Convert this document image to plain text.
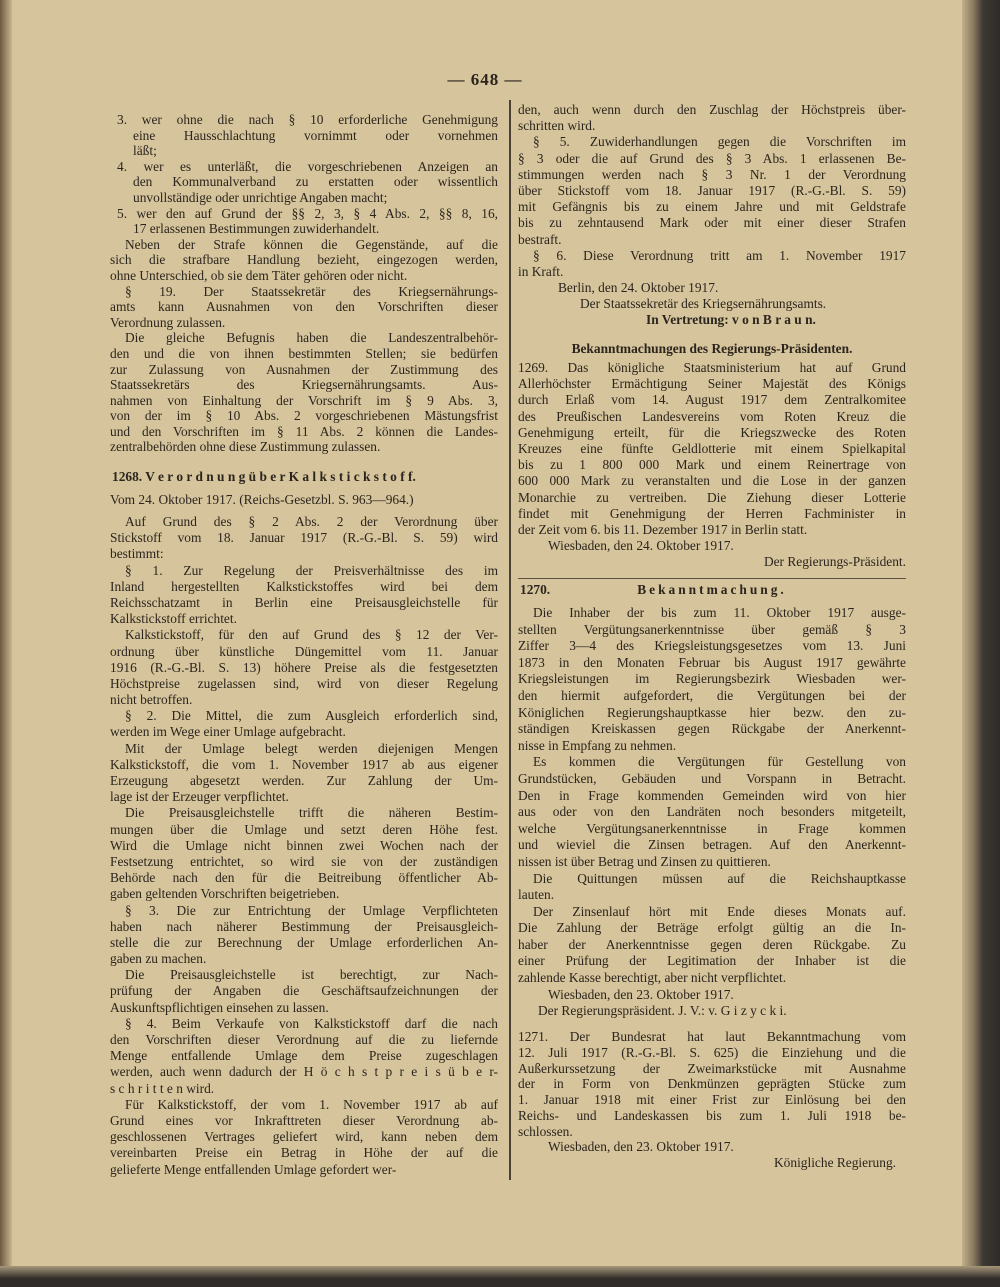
— 648 —
1270.	Bekanntmachung.
3. wer ohne die nach § 10 erforderliche Genehmigung
eine Hausschlachtung vornimmt oder vornehmen
läßt;
4. wer es unterläßt, die vorgeschriebenen Anzeigen an
den Kommunalverband zu erstatten oder wissentlich
unvollständige oder unrichtige Angaben macht;
5. wer den auf Grund der §§ 2, 3, § 4 Abs. 2, §§ 8, 16,
17 erlassenen Bestimmungen zuwiderhandelt.
Neben der Strafe können die Gegenstände, auf die
sich die strafbare Handlung bezieht, eingezogen werden,
ohne Unterschied, ob sie dem Täter gehören oder nicht.
§ 19. Der Staatssekretär des Kriegsernährungs-
amts kann Ausnahmen von den Vorschriften dieser
Verordnung zulassen.
Die gleiche Befugnis haben die Landeszentralbehör-
den und die von ihnen bestimmten Stellen; sie bedürfen
zur Zulassung von Ausnahmen der Zustimmung des
Staatssekretärs des Kriegsernährungsamts. Aus-
nahmen von Einhaltung der Vorschrift im § 9 Abs. 3,
von der im § 10 Abs. 2 vorgeschriebenen Mästungsfrist
und den Vorschriften im § 11 Abs. 2 können die Landes-
zentralbehörden ohne diese Zustimmung zulassen.
1268. V e r o r d n u n g ü b e r K a l k s t i c k s t o f f.
Vom 24. Oktober 1917. (Reichs-Gesetzbl. S. 963—964.)
Auf Grund des § 2 Abs. 2 der Verordnung über
Stickstoff vom 18. Januar 1917 (R.-G.-Bl. S. 59) wird
bestimmt:
§ 1. Zur Regelung der Preisverhältnisse des im
Inland hergestellten Kalkstickstoffes wird bei dem
Reichsschatzamt in Berlin eine Preisausgleichstelle für
Kalkstickstoff errichtet.
Kalkstickstoff, für den auf Grund des § 12 der Ver-
ordnung über künstliche Düngemittel vom 11. Januar
1916 (R.-G.-Bl. S. 13) höhere Preise als die festgesetzten
Höchstpreise zugelassen sind, wird von dieser Regelung
nicht betroffen.
§ 2. Die Mittel, die zum Ausgleich erforderlich sind,
werden im Wege einer Umlage aufgebracht.
Mit der Umlage belegt werden diejenigen Mengen
Kalkstickstoff, die vom 1. November 1917 ab aus eigener
Erzeugung abgesetzt werden. Zur Zahlung der Um-
lage ist der Erzeuger verpflichtet.
Die Preisausgleichstelle trifft die näheren Bestim-
mungen über die Umlage und setzt deren Höhe fest.
Wird die Umlage nicht binnen zwei Wochen nach der
Festsetzung entrichtet, so wird sie von der zuständigen
Behörde nach den für die Beitreibung öffentlicher Ab-
gaben geltenden Vorschriften beigetrieben.
§ 3. Die zur Entrichtung der Umlage Verpflichteten
haben nach näherer Bestimmung der Preisausgleich-
stelle die zur Berechnung der Umlage erforderlichen An-
gaben zu machen.
Die Preisausgleichstelle ist berechtigt, zur Nach-
prüfung der Angaben die Geschäftsaufzeichnungen der
Auskunftspflichtigen einsehen zu lassen.
§ 4. Beim Verkaufe von Kalkstickstoff darf die nach
den Vorschriften dieser Verordnung auf die zu liefernde
Menge entfallende Umlage dem Preise zugeschlagen
werden, auch wenn dadurch der H ö c h s t p r e i s ü b e r-
s c h r i t t e n wird.
Für Kalkstickstoff, der vom 1. November 1917 ab auf
Grund eines vor Inkrafttreten dieser Verordnung ab-
geschlossenen Vertrages geliefert wird, kann neben dem
vereinbarten Preise ein Betrag in Höhe der auf die
gelieferte Menge entfallenden Umlage gefordert wer-
den, auch wenn durch den Zuschlag der Höchstpreis über-
schritten wird.
§ 5. Zuwiderhandlungen gegen die Vorschriften im
§ 3 oder die auf Grund des § 3 Abs. 1 erlassenen Be-
stimmungen werden nach § 3 Nr. 1 der Verordnung
über Stickstoff vom 18. Januar 1917 (R.-G.-Bl. S. 59)
mit Gefängnis bis zu einem Jahre und mit Geldstrafe
bis zu zehntausend Mark oder mit einer dieser Strafen
bestraft.
§ 6. Diese Verordnung tritt am 1. November 1917
in Kraft.
Berlin, den 24. Oktober 1917.
Der Staatssekretär des Kriegsernährungsamts.
In Vertretung: v o n B r a u n.
Bekanntmachungen des Regierungs-Präsidenten.
1269. Das königliche Staatsministerium hat auf Grund
Allerhöchster Ermächtigung Seiner Majestät des Königs
durch Erlaß vom 14. August 1917 dem Zentralkomitee
des Preußischen Landesvereins vom Roten Kreuz die
Genehmigung erteilt, für die Kriegszwecke des Roten
Kreuzes eine fünfte Geldlotterie mit einem Spielkapital
bis zu 1 800 000 Mark und einem Reinertrage von
600 000 Mark zu veranstalten und die Lose in der ganzen
Monarchie zu vertreiben. Die Ziehung dieser Lotterie
findet mit Genehmigung der Herren Fachminister in
der Zeit vom 6. bis 11. Dezember 1917 in Berlin statt.
Wiesbaden, den 24. Oktober 1917.
Der Regierungs-Präsident.
Die Inhaber der bis zum 11. Oktober 1917 ausge-
stellten Vergütungsanerkenntnisse über gemäß § 3
Ziffer 3—4 des Kriegsleistungsgesetzes vom 13. Juni
1873 in den Monaten Februar bis August 1917 gewährte
Kriegsleistungen im Regierungsbezirk Wiesbaden wer-
den hiermit aufgefordert, die Vergütungen bei der
Königlichen Regierungshauptkasse hier bezw. den zu-
ständigen Kreiskassen gegen Rückgabe der Anerkennt-
nisse in Empfang zu nehmen.
Es kommen die Vergütungen für Gestellung von
Grundstücken, Gebäuden und Vorspann in Betracht.
Den in Frage kommenden Gemeinden wird von hier
aus oder von den Landräten noch besonders mitgeteilt,
welche Vergütungsanerkenntnisse in Frage kommen
und wieviel die Zinsen betragen. Auf den Anerkennt-
nissen ist über Betrag und Zinsen zu quittieren.
Die Quittungen müssen auf die Reichshauptkasse
lauten.
Der Zinsenlauf hört mit Ende dieses Monats auf.
Die Zahlung der Beträge erfolgt gültig an die In-
haber der Anerkenntnisse gegen deren Rückgabe. Zu
einer Prüfung der Legitimation der Inhaber ist die
zahlende Kasse berechtigt, aber nicht verpflichtet.
Wiesbaden, den 23. Oktober 1917.
Der Regierungspräsident. J. V.: v. G i z y c k i.
1271. Der Bundesrat hat laut Bekanntmachung vom
12. Juli 1917 (R.-G.-Bl. S. 625) die Einziehung und die
Außerkurssetzung der Zweimarkstücke mit Ausnahme
der in Form von Denkmünzen geprägten Stücke zum
1. Januar 1918 mit einer Frist zur Einlösung bei den
Reichs- und Landeskassen bis zum 1. Juli 1918 be-
schlossen.
Wiesbaden, den 23. Oktober 1917.
Königliche Regierung.
